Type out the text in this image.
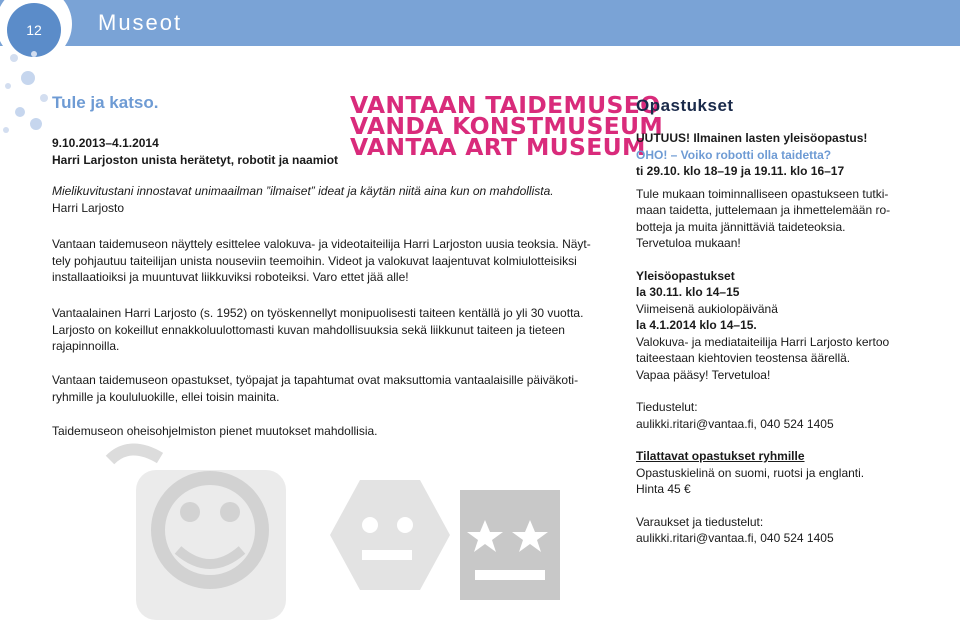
12	Museot
Tule ja katso.
9.10.2013–4.1.2014
Harri Larjoston unista herätetyt, robotit ja naamiot
Mielikuvitustani innostavat unimaailman ”ilmaiset” ideat ja käytän niitä aina kun on mahdollista.
Harri Larjosto
Vantaan taidemuseon näyttely esittelee valokuva- ja videotaiteilija Harri Larjoston uusia teoksia. Näyt-
tely pohjautuu taiteilijan unista nouseviin teemoihin. Videot ja valokuvat laajentuvat kolmiulotteisiksi
installaatioiksi ja muuntuvat liikkuviksi roboteiksi. Varo ettet jää alle!
Vantaalainen Harri Larjosto (s. 1952) on työskennellyt monipuolisesti taiteen kentällä jo yli 30 vuotta.
Larjosto on kokeillut ennakkoluulottomasti kuvan mahdollisuuksia sekä liikkunut taiteen ja tieteen
rajapinnoilla.
Vantaan taidemuseon opastukset, työpajat ja tapahtumat ovat maksuttomia vantaalaisille päiväkoti-
ryhmille ja koululuokille, ellei toisin mainita.
Taidemuseon oheisohjelmiston pienet muutokset mahdollisia.
VANTAAN TAIDEMUSEO
VANDA KONSTMUSEUM
VANTAA ART MUSEUM
Opastukset
UUTUUS! Ilmainen lasten yleisöopastus!
OHO! – Voiko robotti olla taidetta?
ti 29.10. klo 18–19 ja 19.11. klo 16–17
Tule mukaan toiminnalliseen opastukseen tutki-
maan taidetta, juttelemaan ja ihmettelemään ro-
botteja ja muita jännittäviä taideteoksia.
Tervetuloa mukaan!
Yleisöopastukset
la 30.11. klo 14–15
Viimeisenä aukiolopäivänä
la 4.1.2014 klo 14–15.
Valokuva- ja mediataiteilija Harri Larjosto kertoo
taiteestaan kiehtovien teostensa äärellä.
Vapaa pääsy! Tervetuloa!
Tiedustelut:
aulikki.ritari@vantaa.fi, 040 524 1405
Tilattavat opastukset ryhmille
Opastuskielinä on suomi, ruotsi ja englanti.
Hinta 45 €
Varaukset ja tiedustelut:
aulikki.ritari@vantaa.fi, 040 524 1405
